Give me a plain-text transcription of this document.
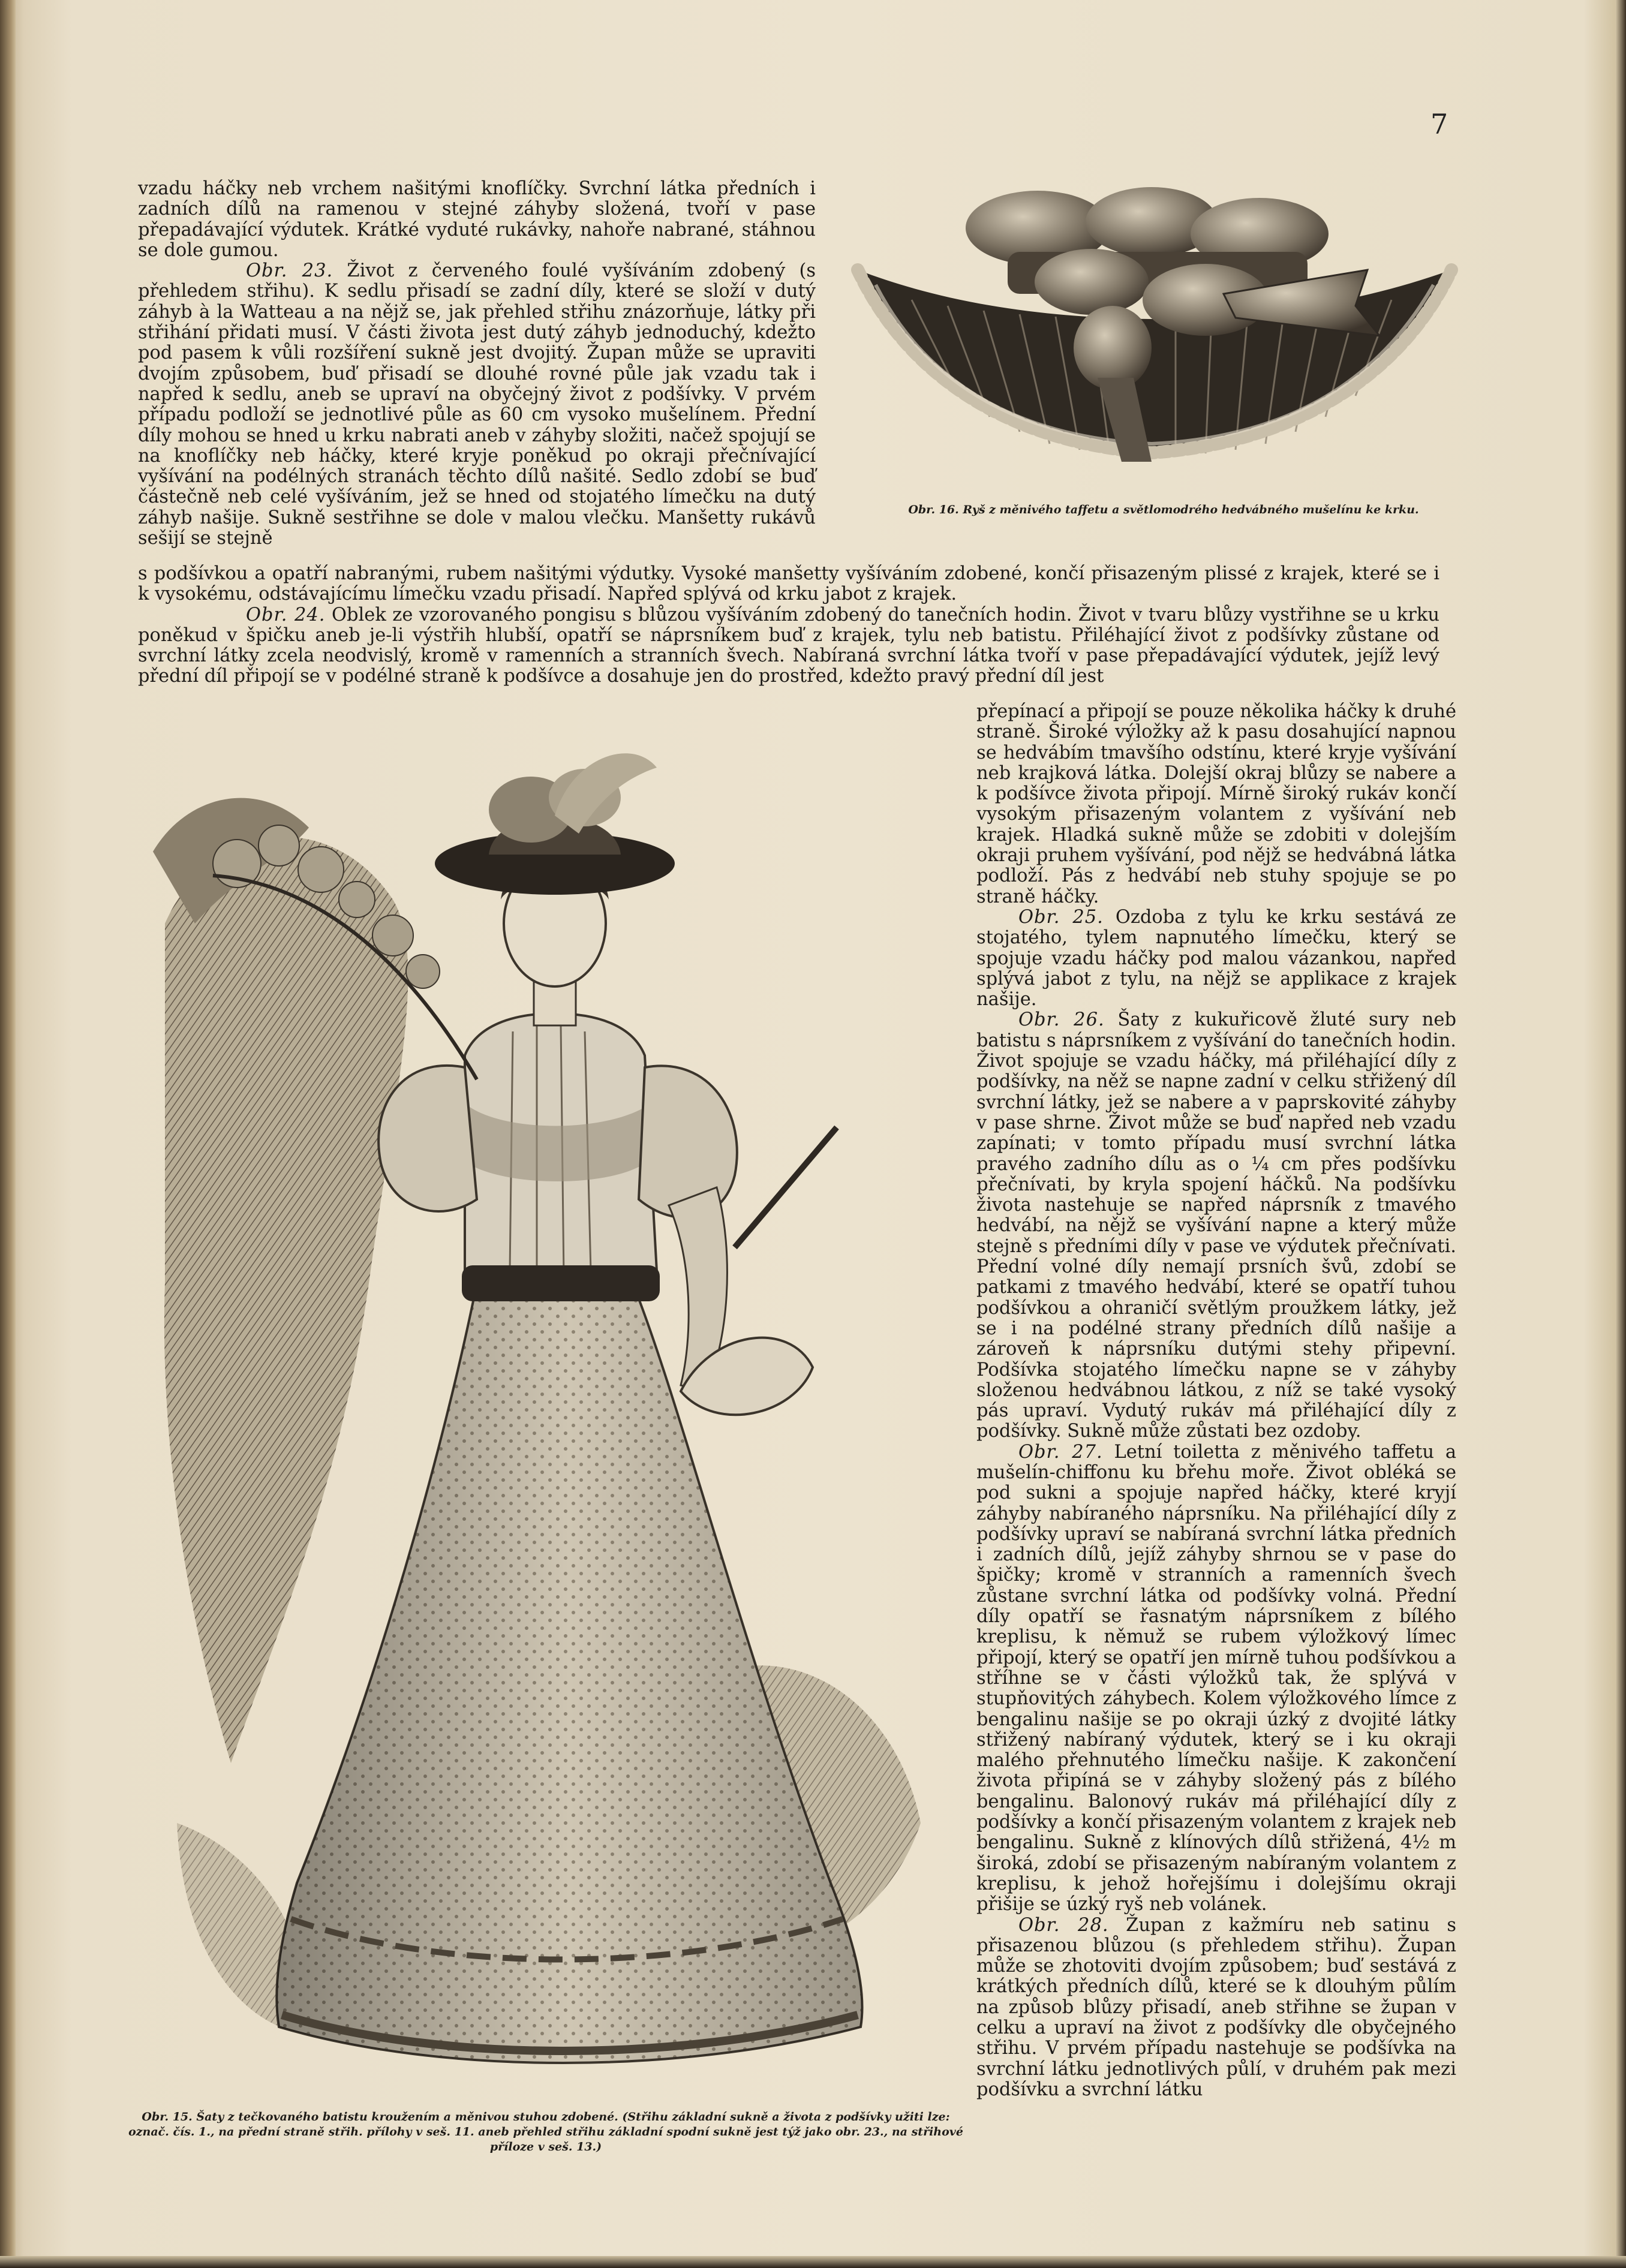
7

vzadu háčky neb vrchem našitými knoflíčky. Svrchní látka předních i zadních dílů na ramenou v stejné záhyby složená, tvoří v pase přepadávající výdutek. Krátké vyduté rukávky, nahoře nabrané, stáhnou se dole gumou.

Obr. 23. Život z červeného foulé vyšíváním zdobený (s přehledem střihu). K sedlu přisadí se zadní díly, které se složí v dutý záhyb à la Watteau a na nějž se, jak přehled střihu znázorňuje, látky při střihání přidati musí. V části života jest dutý záhyb jednoduchý, kdežto pod pasem k vůli rozšíření sukně jest dvojitý. Župan může se upraviti dvojím způsobem, buď přisadí se dlouhé rovné půle jak vzadu tak i napřed k sedlu, aneb se upraví na obyčejný život z podšívky. V prvém případu podloží se jednotlivé půle as 60 cm vysoko mušelínem. Přední díly mohou se hned u krku nabrati aneb v záhyby složiti, načež spojují se na knoflíčky neb háčky, které kryje poněkud po okraji přečnívající vyšívání na podélných stranách těchto dílů našité. Sedlo zdobí se buď částečně neb celé vyšíváním, jež se hned od stojatého límečku na dutý záhyb našije. Sukně sestřihne se dole v malou vlečku. Manšetty rukávů sešijí se stejně

Obr. 16. Ryš z měnivého taffetu a světlomodrého hedvábného mušelínu ke krku.

s podšívkou a opatří nabranými, rubem našitými výdutky. Vysoké manšetty vyšíváním zdobené, končí přisazeným plissé z krajek, které se i k vysokému, odstávajícímu límečku vzadu přisadí. Napřed splývá od krku jabot z krajek.

Obr. 24. Oblek ze vzorovaného pongisu s blůzou vyšíváním zdobený do tanečních hodin. Život v tvaru blůzy vystřihne se u krku poněkud v špičku aneb je-li výstřih hlubší, opatří se náprsníkem buď z krajek, tylu neb batistu. Přiléhající život z podšívky zůstane od svrchní látky zcela neodvislý, kromě v ramenních a stranních švech. Nabíraná svrchní látka tvoří v pase přepadávající výdutek, jejíž levý přední díl připojí se v podélné straně k podšívce a dosahuje jen do prostřed, kdežto pravý přední díl jest

Obr. 15. Šaty z tečkovaného batistu kroužením a měnivou stuhou zdobené. (Střihu základní sukně a života z podšívky užiti lze: označ. čís. 1., na přední straně střih. přílohy v seš. 11. aneb přehled střihu základní spodní sukně jest týž jako obr. 23., na střihové příloze v seš. 13.)

přepínací a připojí se pouze několika háčky k druhé straně. Široké výložky až k pasu dosahující napnou se hedvábím tmavšího odstínu, které kryje vyšívání neb krajková látka. Dolejší okraj blůzy se nabere a k podšívce života připojí. Mírně široký rukáv končí vysokým přisazeným volantem z vyšívání neb krajek. Hladká sukně může se zdobiti v dolejším okraji pruhem vyšívání, pod nějž se hedvábná látka podloží. Pás z hedvábí neb stuhy spojuje se po straně háčky.

Obr. 25. Ozdoba z tylu ke krku sestává ze stojatého, tylem napnutého límečku, který se spojuje vzadu háčky pod malou vázankou, napřed splývá jabot z tylu, na nějž se applikace z krajek našije.

Obr. 26. Šaty z kukuřicově žluté sury neb batistu s náprsníkem z vyšívání do tanečních hodin. Život spojuje se vzadu háčky, má přiléhající díly z podšívky, na něž se napne zadní v celku střižený díl svrchní látky, jež se nabere a v paprskovité záhyby v pase shrne. Život může se buď napřed neb vzadu zapínati; v tomto případu musí svrchní látka pravého zadního dílu as o ¼ cm přes podšívku přečnívati, by kryla spojení háčků. Na podšívku života nastehuje se napřed náprsník z tmavého hedvábí, na nějž se vyšívání napne a který může stejně s předními díly v pase ve výdutek přečnívati. Přední volné díly nemají prsních švů, zdobí se patkami z tmavého hedvábí, které se opatří tuhou podšívkou a ohraničí světlým proužkem látky, jež se i na podélné strany předních dílů našije a zároveň k náprsníku dutými stehy připevní. Podšívka stojatého límečku napne se v záhyby složenou hedvábnou látkou, z níž se také vysoký pás upraví. Vydutý rukáv má přiléhající díly z podšívky. Sukně může zůstati bez ozdoby.

Obr. 27. Letní toiletta z měnivého taffetu a mušelín-chiffonu ku břehu moře. Život obléká se pod sukni a spojuje napřed háčky, které kryjí záhyby nabíraného náprsníku. Na přiléhající díly z podšívky upraví se nabíraná svrchní látka předních i zadních dílů, jejíž záhyby shrnou se v pase do špičky; kromě v stranních a ramenních švech zůstane svrchní látka od podšívky volná. Přední díly opatří se řasnatým náprsníkem z bílého kreplisu, k němuž se rubem výložkový límec připojí, který se opatří jen mírně tuhou podšívkou a stříhne se v části výložků tak, že splývá v stupňovitých záhybech. Kolem výložkového límce z bengalinu našije se po okraji úzký z dvojité látky střižený nabíraný výdutek, který se i ku okraji malého přehnutého límečku našije. K zakončení života připíná se v záhyby složený pás z bílého bengalinu. Balonový rukáv má přiléhající díly z podšívky a končí přisazeným volantem z krajek neb bengalinu. Sukně z klínových dílů střižená, 4½ m široká, zdobí se přisazeným nabíraným volantem z kreplisu, k jehož hořejšímu i dolejšímu okraji přišije se úzký ryš neb volánek.

Obr. 28. Župan z kažmíru neb satinu s přisazenou blůzou (s přehledem střihu). Župan může se zhotoviti dvojím způsobem; buď sestává z krátkých předních dílů, které se k dlouhým půlím na způsob blůzy přisadí, aneb střihne se župan v celku a upraví na život z podšívky dle obyčejného střihu. V prvém případu nastehuje se podšívka na svrchní látku jednotlivých půlí, v druhém pak mezi podšívku a svrchní látku
